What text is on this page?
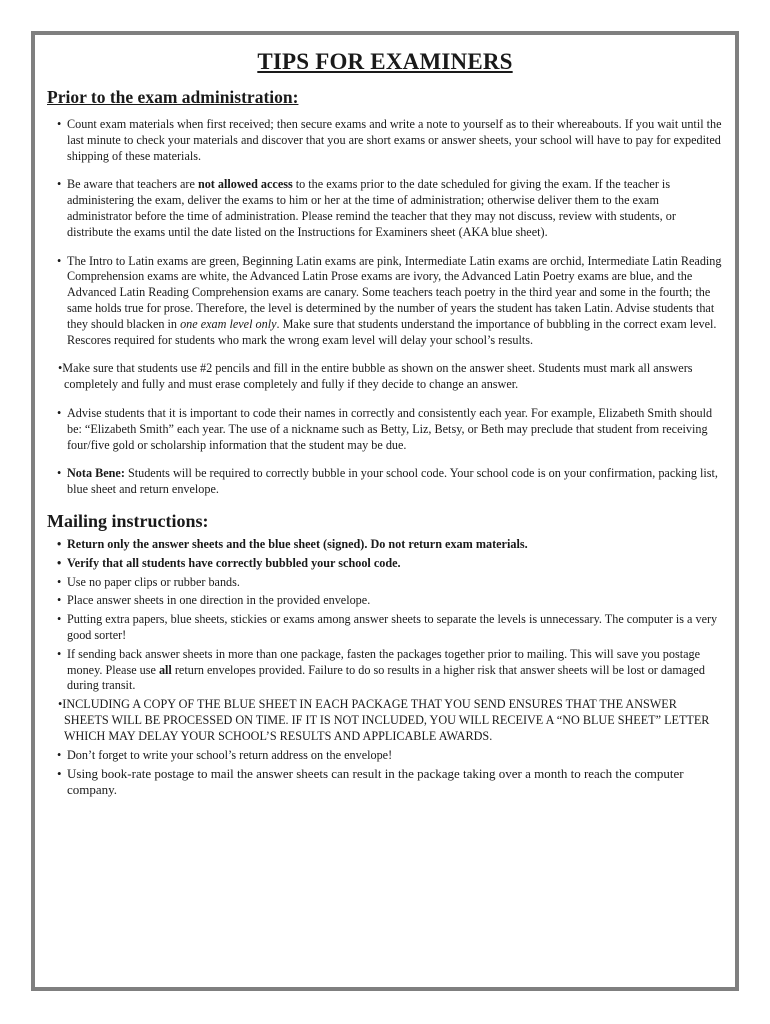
TIPS FOR EXAMINERS
Prior to the exam administration:
• Count exam materials when first received; then secure exams and write a note to yourself as to their whereabouts. If you wait until the last minute to check your materials and discover that you are short exams or answer sheets, your school will have to pay for expedited shipping of these materials.
• Be aware that teachers are not allowed access to the exams prior to the date scheduled for giving the exam. If the teacher is administering the exam, deliver the exams to him or her at the time of administration; otherwise deliver them to the exam administrator before the time of administration. Please remind the teacher that they may not discuss, review with students, or distribute the exams until the date listed on the Instructions for Examiners sheet (AKA blue sheet).
• The Intro to Latin exams are green, Beginning Latin exams are pink, Intermediate Latin exams are orchid, Intermediate Latin Reading Comprehension exams are white, the Advanced Latin Prose exams are ivory, the Advanced Latin Poetry exams are blue, and the Advanced Latin Reading Comprehension exams are canary. Some teachers teach poetry in the third year and some in the fourth; the same holds true for prose. Therefore, the level is determined by the number of years the student has taken Latin. Advise students that they should blacken in one exam level only. Make sure that students understand the importance of bubbling in the correct exam level. Rescores required for students who mark the wrong exam level will delay your school’s results.
•Make sure that students use #2 pencils and fill in the entire bubble as shown on the answer sheet. Students must mark all answers completely and fully and must erase completely and fully if they decide to change an answer.
• Advise students that it is important to code their names in correctly and consistently each year. For example, Elizabeth Smith should be: “Elizabeth Smith” each year. The use of a nickname such as Betty, Liz, Betsy, or Beth may preclude that student from receiving four/five gold or scholarship information that the student may be due.
• Nota Bene: Students will be required to correctly bubble in your school code. Your school code is on your confirmation, packing list, blue sheet and return envelope.
Mailing instructions:
• Return only the answer sheets and the blue sheet (signed). Do not return exam materials.
• Verify that all students have correctly bubbled your school code.
• Use no paper clips or rubber bands.
• Place answer sheets in one direction in the provided envelope.
• Putting extra papers, blue sheets, stickies or exams among answer sheets to separate the levels is unnecessary. The computer is a very good sorter!
• If sending back answer sheets in more than one package, fasten the packages together prior to mailing. This will save you postage money. Please use all return envelopes provided. Failure to do so results in a higher risk that answer sheets will be lost or damaged during transit.
•INCLUDING A COPY OF THE BLUE SHEET IN EACH PACKAGE THAT YOU SEND ENSURES THAT THE ANSWER SHEETS WILL BE PROCESSED ON TIME. IF IT IS NOT INCLUDED, YOU WILL RECEIVE A “NO BLUE SHEET” LETTER WHICH MAY DELAY YOUR SCHOOL’S RESULTS AND APPLICABLE AWARDS.
• Don’t forget to write your school’s return address on the envelope!
• Using book-rate postage to mail the answer sheets can result in the package taking over a month to reach the computer company.
